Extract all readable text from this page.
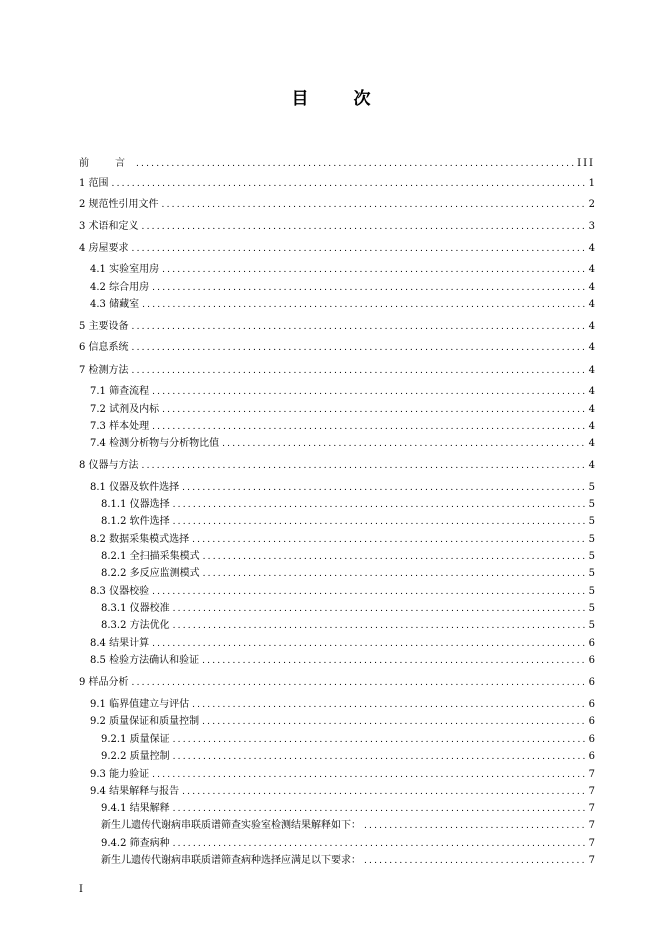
目　次
前　言 .....	III
1 范围 .....	1
2 规范性引用文件 .....	2
3 术语和定义 .....	3
4 房屋要求 .....	4
4.1 实验室用房 .....	4
4.2 综合用房 .....	4
4.3 储藏室 .....	4
5 主要设备 .....	4
6 信息系统 .....	4
7 检测方法 .....	4
7.1 筛查流程 .....	4
7.2 试剂及内标 .....	4
7.3 样本处理 .....	4
7.4 检测分析物与分析物比值 .....	4
8 仪器与方法 .....	4
8.1 仪器及软件选择 .....	5
8.1.1 仪器选择 .....	5
8.1.2 软件选择 .....	5
8.2 数据采集模式选择 .....	5
8.2.1 全扫描采集模式 .....	5
8.2.2 多反应监测模式 .....	5
8.3 仪器校验 .....	5
8.3.1 仪器校准 .....	5
8.3.2 方法优化 .....	5
8.4 结果计算 .....	6
8.5 检验方法确认和验证 .....	6
9 样品分析 .....	6
9.1 临界值建立与评估 .....	6
9.2 质量保证和质量控制 .....	6
9.2.1 质量保证 .....	6
9.2.2 质量控制 .....	6
9.3 能力验证 .....	7
9.4 结果解释与报告 .....	7
9.4.1 结果解释 .....	7
新生儿遗传代谢病串联质谱筛查实验室检测结果解释如下： .....	7
9.4.2 筛查病种 .....	7
新生儿遗传代谢病串联质谱筛查病种选择应满足以下要求： .....	7
I
